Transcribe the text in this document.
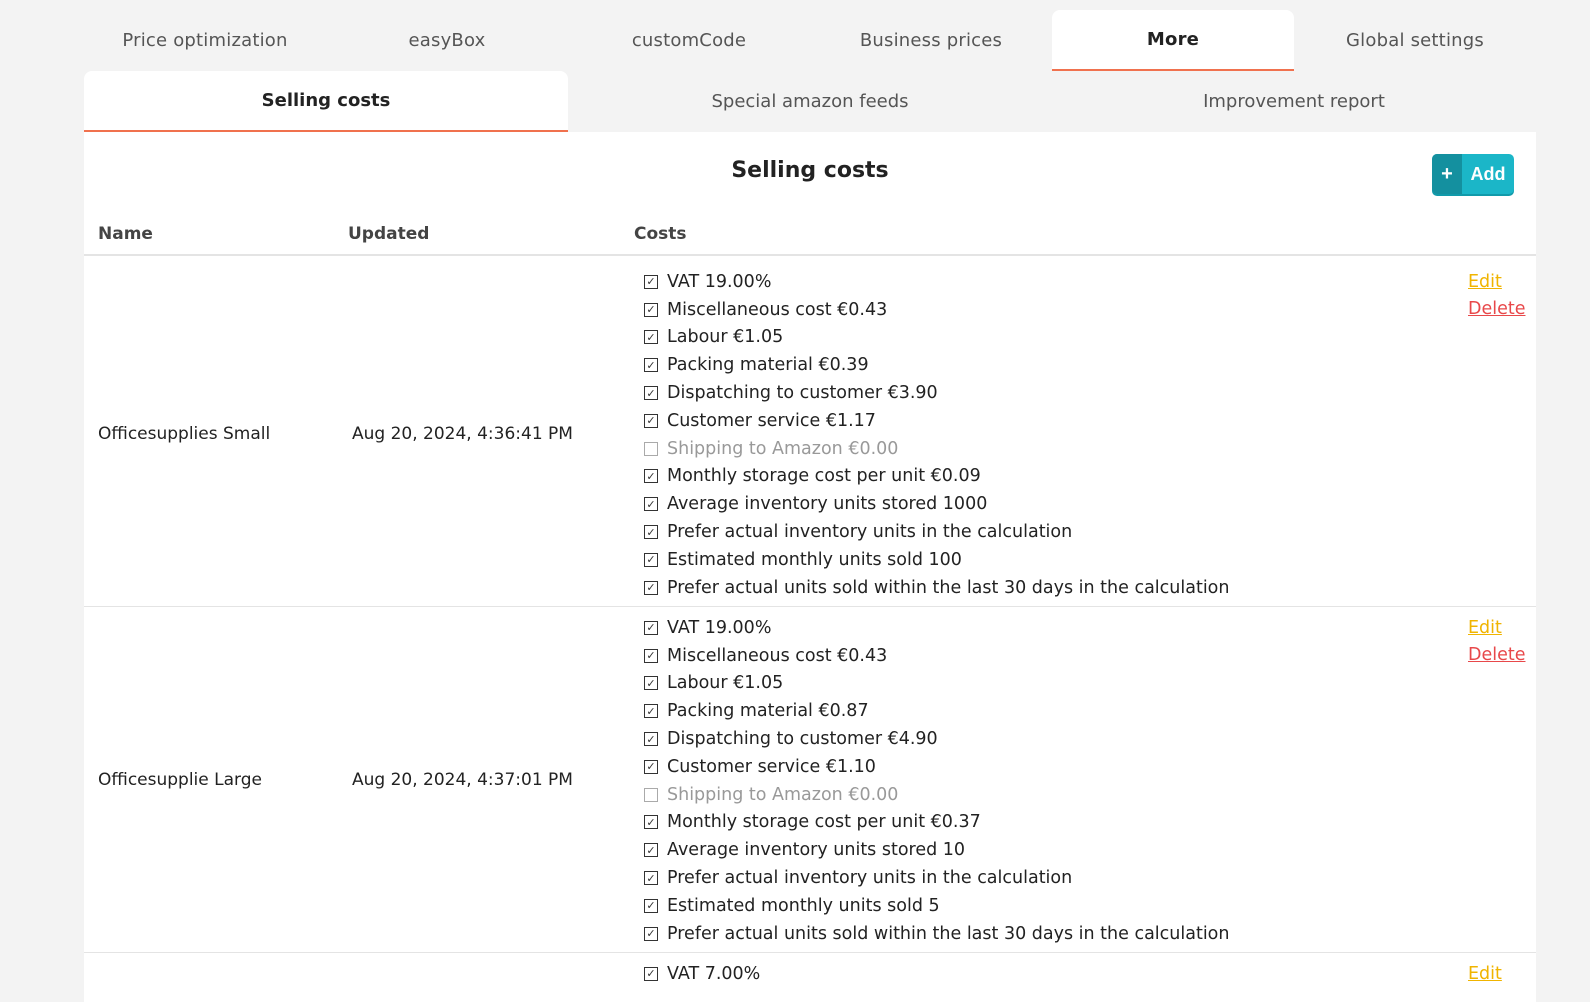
Price optimization	easyBox	customCode	Business prices	More	Global settings
Selling costs	Special amazon feeds	Improvement report
Selling costs	+ Add
Name	Updated	Costs
Officesupplies Small	Aug 20, 2024, 4:36:41 PM
✓ VAT 19.00%
✓ Miscellaneous cost €0.43
✓ Labour €1.05
✓ Packing material €0.39
✓ Dispatching to customer €3.90
✓ Customer service €1.17
Shipping to Amazon €0.00
✓ Monthly storage cost per unit €0.09
✓ Average inventory units stored 1000
✓ Prefer actual inventory units in the calculation
✓ Estimated monthly units sold 100
✓ Prefer actual units sold within the last 30 days in the calculation
Edit
Delete
Officesupplie Large	Aug 20, 2024, 4:37:01 PM
✓ VAT 19.00%
✓ Miscellaneous cost €0.43
✓ Labour €1.05
✓ Packing material €0.87
✓ Dispatching to customer €4.90
✓ Customer service €1.10
Shipping to Amazon €0.00
✓ Monthly storage cost per unit €0.37
✓ Average inventory units stored 10
✓ Prefer actual inventory units in the calculation
✓ Estimated monthly units sold 5
✓ Prefer actual units sold within the last 30 days in the calculation
Edit
Delete
✓ VAT 7.00%	Edit
